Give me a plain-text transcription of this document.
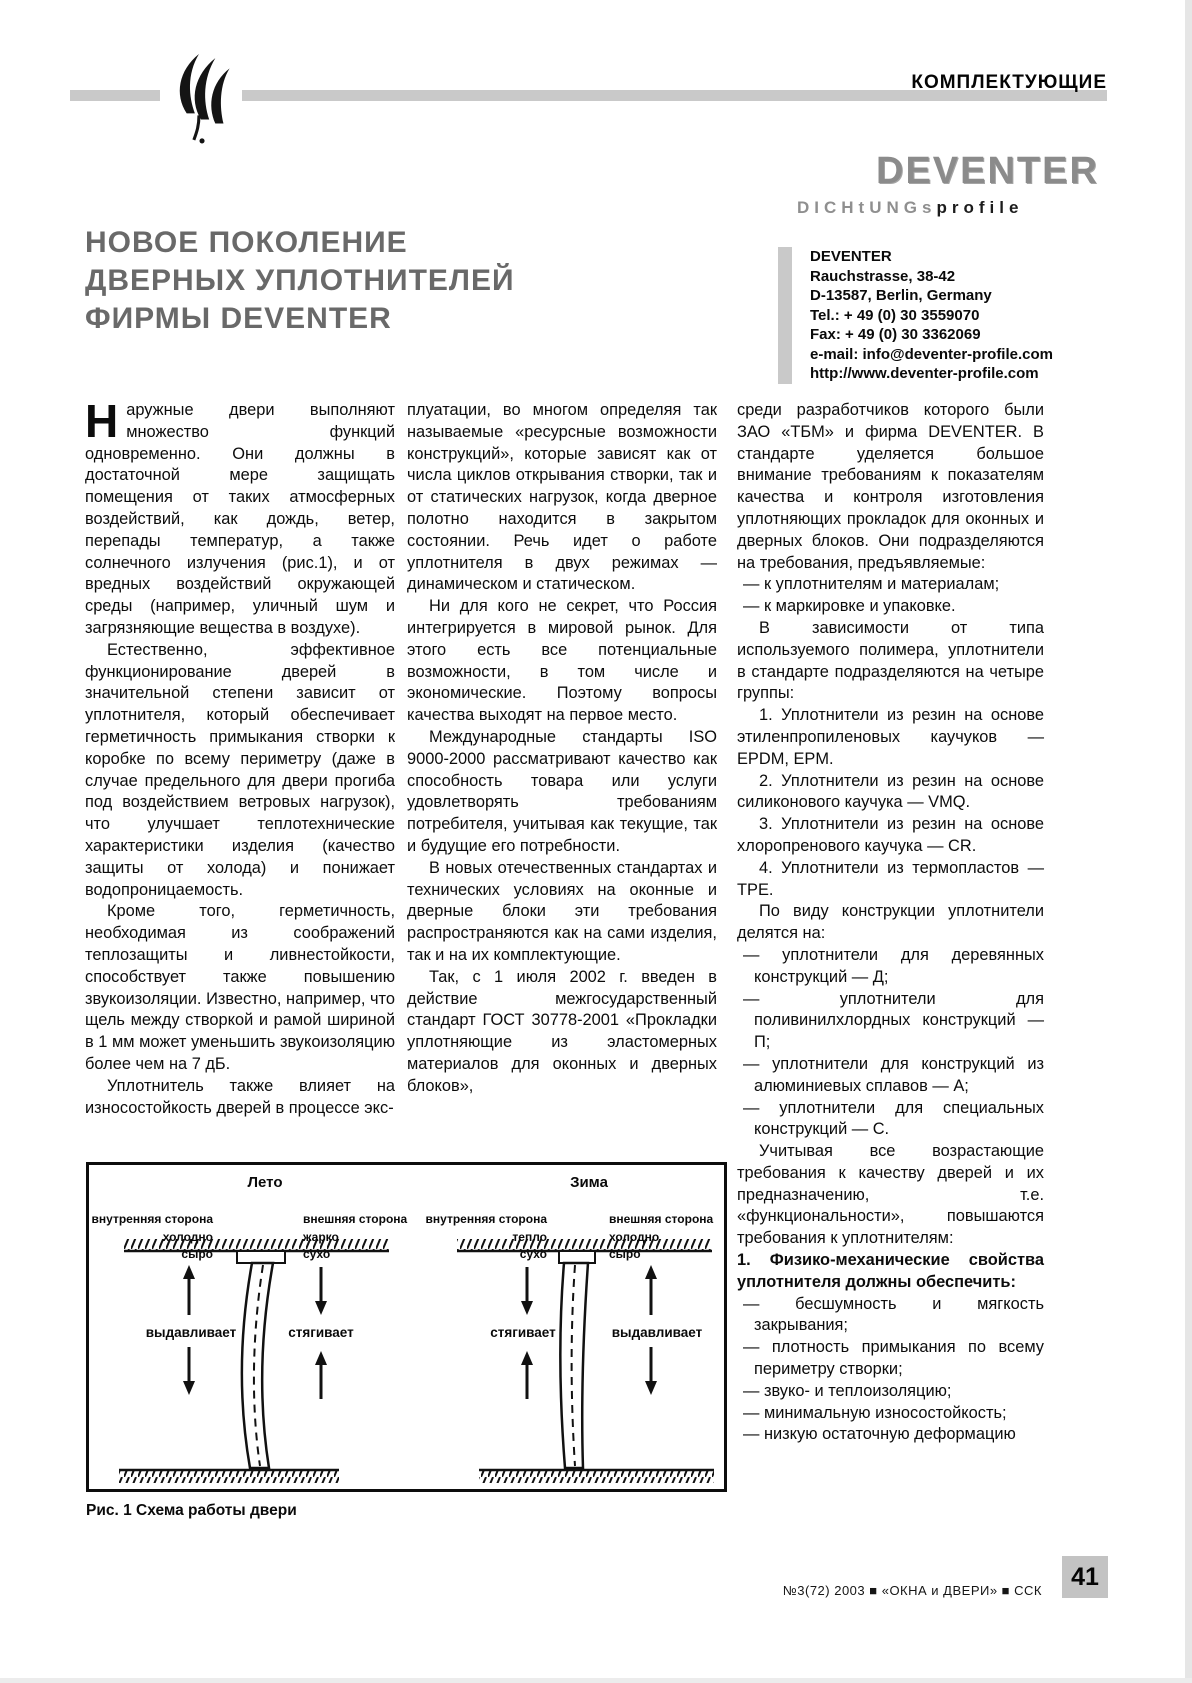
КОМПЛЕКТУЮЩИЕ
DEVENTER
DICHtUNGsprofile
DEVENTER
Rauchstrasse, 38-42
D-13587, Berlin, Germany
Tel.: + 49 (0) 30 3559070
Fax: + 49 (0) 30 3362069
e-mail: info@deventer-profile.com
http://www.deventer-profile.com
НОВОЕ ПОКОЛЕНИЕ
ДВЕРНЫХ УПЛОТНИТЕЛЕЙ
ФИРМЫ DEVENTER

Наружные двери выполняют множество функций одновременно. Они должны в достаточной мере защищать помещения от таких атмосферных воздействий, как дождь, ветер, перепады температур, а также солнечного излучения (рис.1), и от вредных воздействий окружающей среды (например, уличный шум и загрязняющие вещества в воздухе).

Естественно, эффективное функционирование дверей в значительной степени зависит от уплотнителя, который обеспечивает герметичность примыкания створки к коробке по всему периметру (даже в случае предельного для двери прогиба под воздействием ветровых нагрузок), что улучшает теплотехнические характеристики изделия (качество защиты от холода) и понижает водопроницаемость.

Кроме того, герметичность, необходимая из соображений теплозащиты и ливнестойкости, способствует также повышению звукоизоляции. Известно, например, что щель между створкой и рамой шириной в 1 мм может уменьшить звукоизоляцию более чем на 7 дБ.

Уплотнитель также влияет на износостойкость дверей в процессе экс-

плуатации, во многом определяя так называемые «ресурсные возможности конструкций», которые зависят как от числа циклов открывания створки, так и от статических нагрузок, когда дверное полотно находится в закрытом состоянии. Речь идет о работе уплотнителя в двух режимах — динамическом и статическом.

Ни для кого не секрет, что Россия интегрируется в мировой рынок. Для этого есть все потенциальные возможности, в том числе и экономические. Поэтому вопросы качества выходят на первое место.

Международные стандарты ISO 9000-2000 рассматривают качество как способность товара или услуги удовлетворять требованиям потребителя, учитывая как текущие, так и будущие его потребности.

В новых отечественных стандартах и технических условиях на оконные и дверные блоки эти требования распространяются как на сами изделия, так и на их комплектующие.

Так, с 1 июля 2002 г. введен в действие межгосударственный стандарт ГОСТ 30778-2001 «Прокладки уплотняющие из эластомерных материалов для оконных и дверных блоков»,

среди разработчиков которого были ЗАО «ТБМ» и фирма DEVENTER. В стандарте уделяется большое внимание требованиям к показателям качества и контроля изготовления уплотняющих прокладок для оконных и дверных блоков. Они подразделяются на требования, предъявляемые:

— к уплотнителям и материалам;

— к маркировке и упаковке.

В зависимости от типа используемого полимера, уплотнители в стандарте подразделяются на четыре группы:

1. Уплотнители из резин на основе этиленпропиленовых каучуков — EPDM, EPM.

2. Уплотнители из резин на основе силиконового каучука — VMQ.

3. Уплотнители из резин на основе хлоропренового каучука — CR.

4. Уплотнители из термопластов — TPE.

По виду конструкции уплотнители делятся на:

— уплотнители для деревянных конструкций — Д;

— уплотнители для поливинилхлордных конструкций — П;

— уплотнители для конструкций из алюминиевых сплавов — А;

— уплотнители для специальных конструкций — С.

Учитывая все возрастающие требования к качеству дверей и их предназначению, т.е. «функциональности», повышаются требования к уплотнителям:

1. Физико-механические свойства уплотнителя должны обеспечить:

— бесшумность и мягкость закрывания;

— плотность примыкания по всему периметру створки;

— звуко- и теплоизоляцию;

— минимальную износостойкость;

— низкую остаточную деформацию

Лето
внутренняя сторона
холодно
сыро
внешняя сторона
жарко
сухо
выдавливает	стягивает
Зима
внутренняя сторона
тепло
сухо
внешняя сторона
холодно
сыро
стягивает	выдавливает
Рис. 1 Схема работы двери
№3(72) 2003 ■ «ОКНА и ДВЕРИ» ■ ССК	41
